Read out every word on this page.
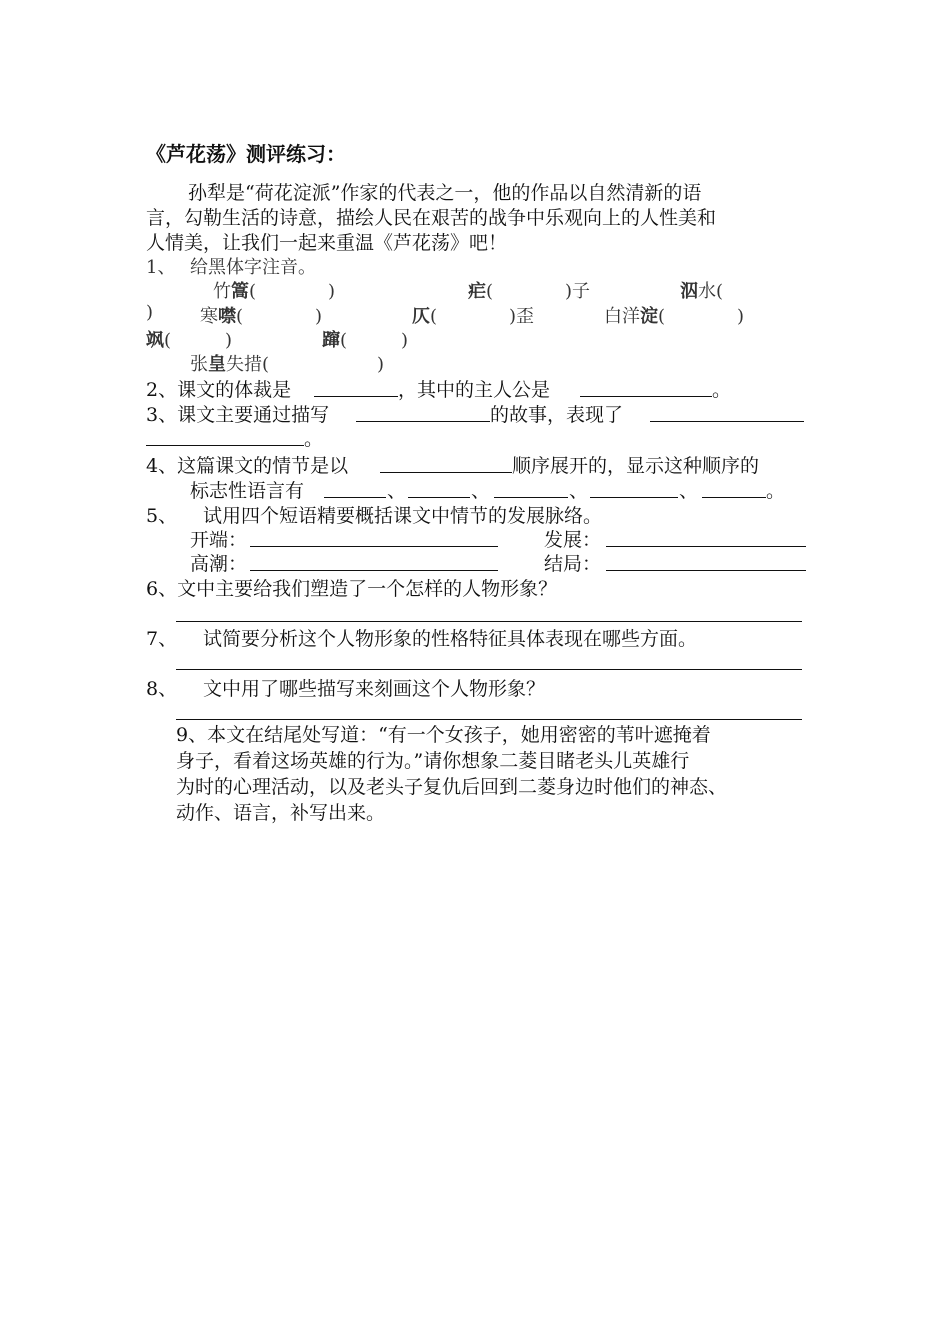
《芦花荡》测评练习：
孙犁是“荷花淀派”作家的代表之一，他的作品以自然清新的语
言，勾勒生活的诗意，描绘人民在艰苦的战争中乐观向上的人性美和
人情美，让我们一起来重温《芦花荡》吧！
1、 给黑体字注音。
竹篙(　　　　)	疟(　　　　)子	泅水(
)	寒噤(　　　　)	仄(　　　　)歪	白洋淀(　　　　)
飒(　　　)	蹿(　　　)
张皇失措(　　　　　　)
2、课文的体裁是	，其中的主人公是	。
3、课文主要通过描写	的故事，表现了
。
4、这篇课文的情节是以	顺序展开的，显示这种顺序的
标志性语言有	、	、	、	、	。
5、 试用四个短语精要概括课文中情节的发展脉络。
开端：	发展：
高潮：	结局：
6、文中主要给我们塑造了一个怎样的人物形象？
7、 试简要分析这个人物形象的性格特征具体表现在哪些方面。
8、 文中用了哪些描写来刻画这个人物形象？
9、本文在结尾处写道：“有一个女孩子，她用密密的苇叶遮掩着
身子，看着这场英雄的行为。”请你想象二菱目睹老头儿英雄行
为时的心理活动，以及老头子复仇后回到二菱身边时他们的神态、
动作、语言，补写出来。
